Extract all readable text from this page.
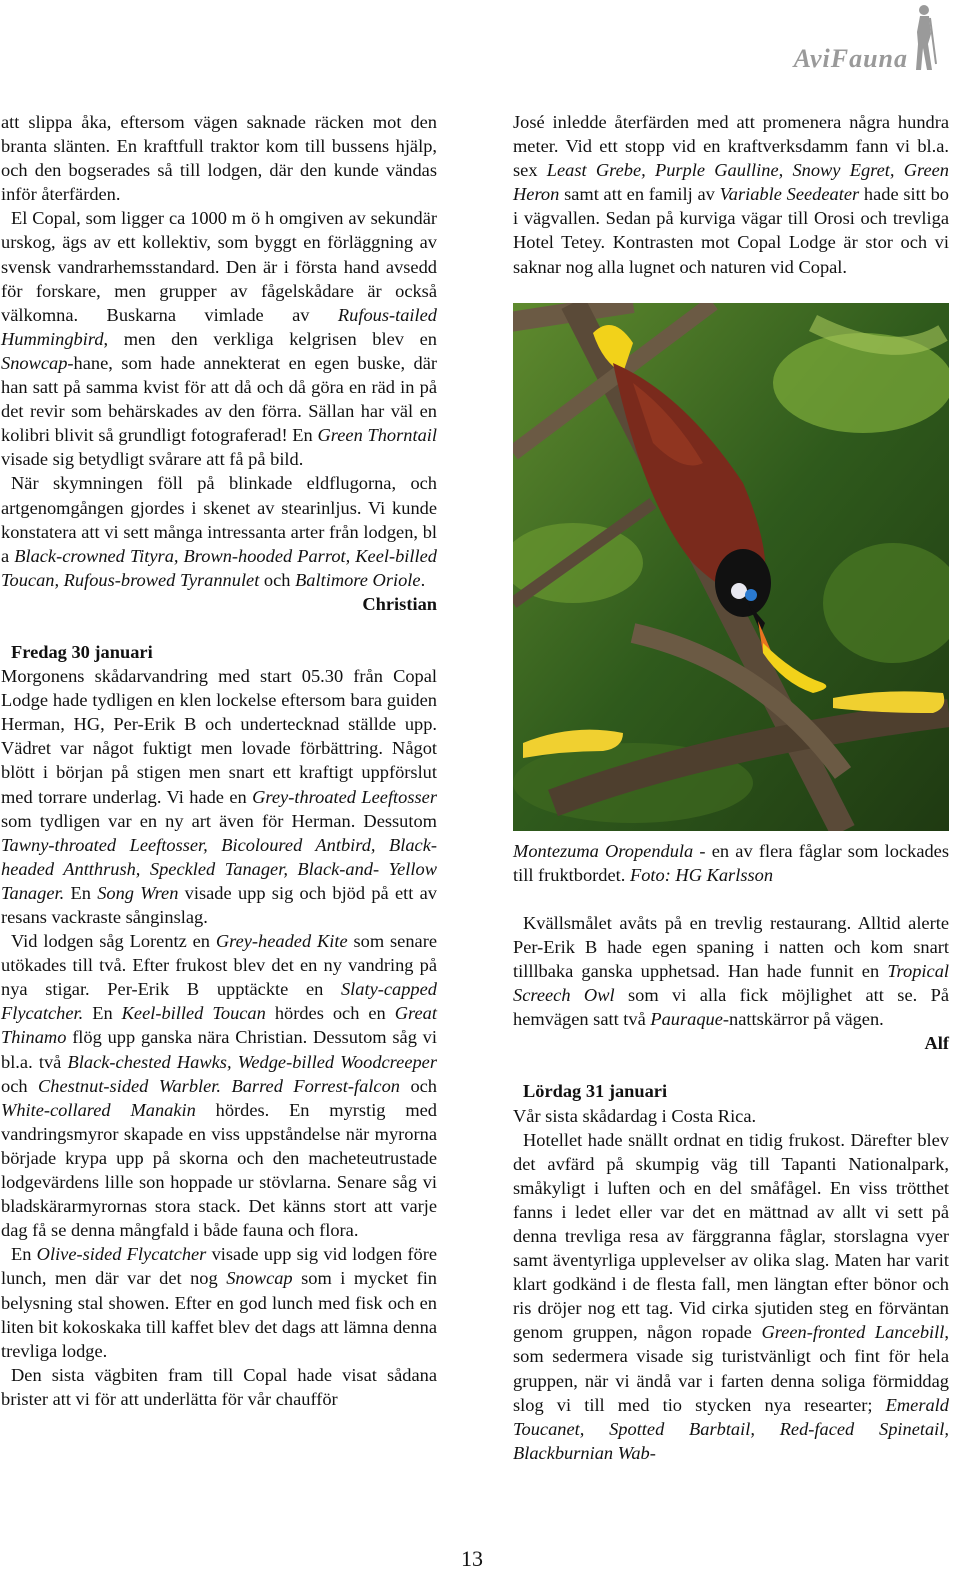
AviFauna

att slippa åka, eftersom vägen saknade räcken mot den branta slänten. En kraftfull traktor kom till bussens hjälp, och den bogserades så till lodgen, där den kunde vändas inför återfärden.

El Copal, som ligger ca 1000 m ö h omgiven av sekundär urskog, ägs av ett kollektiv, som byggt en förläggning av svensk vandrarhemsstandard. Den är i första hand avsedd för forskare, men grupper av fågelskådare är också välkomna. Buskarna vimlade av Rufous-tailed Hummingbird, men den verkliga kelgrisen blev en Snowcap-hane, som hade annekterat en egen buske, där han satt på samma kvist för att då och då göra en räd in på det revir som behärskades av den förra. Sällan har väl en kolibri blivit så grundligt fotograferad! En Green Thorntail visade sig betydligt svårare att få på bild.

När skymningen föll på blinkade eldflugorna, och artgenomgången gjordes i skenet av stearinljus. Vi kunde konstatera att vi sett många intressanta arter från lodgen, bl a Black-crowned Tityra, Brown-hooded Parrot, Keel-billed Toucan, Rufous-browed Tyrannulet och Baltimore Oriole.

Christian

Fredag 30 januari

Morgonens skådarvandring med start 05.30 från Copal Lodge hade tydligen en klen lockelse eftersom bara guiden Herman, HG, Per-Erik B och undertecknad ställde upp. Vädret var något fuktigt men lovade förbättring. Något blött i början på stigen men snart ett kraftigt uppförslut med torrare underlag. Vi hade en Grey-throated Leeftosser som tydligen var en ny art även för Herman. Dessutom Tawny-throated Leeftosser, Bicoloured Antbird, Black-headed Antthrush, Speckled Tanager, Black-and- Yellow Tanager. En Song Wren visade upp sig och bjöd på ett av resans vackraste sånginslag.

Vid lodgen såg Lorentz en Grey-headed Kite som senare utökades till två. Efter frukost blev det en ny vandring på nya stigar. Per-Erik B upptäckte en Slaty-capped Flycatcher. En Keel-billed Toucan hördes och en Great Thinamo flög upp ganska nära Christian. Dessutom såg vi bl.a. två Black-chested Hawks, Wedge-billed Woodcreeper och Chestnut-sided Warbler. Barred Forrest-falcon och White-collared Manakin hördes. En myrstig med vandringsmyror skapade en viss uppståndelse när myrorna började krypa upp på skorna och den macheteutrustade lodgevärdens lille son hoppade ur stövlarna. Senare såg vi bladskärarmyrornas stora stack. Det känns stort att varje dag få se denna mångfald i både fauna och flora.

En Olive-sided Flycatcher visade upp sig vid lodgen före lunch, men där var det nog Snowcap som i mycket fin belysning stal showen. Efter en god lunch med fisk och en liten bit kokoskaka till kaffet blev det dags att lämna denna trevliga lodge.

Den sista vägbiten fram till Copal hade visat sådana brister att vi för att underlätta för vår chaufför

José inledde återfärden med att promenera några hundra meter. Vid ett stopp vid en kraftverksdamm fann vi bl.a. sex Least Grebe, Purple Gaulline, Snowy Egret, Green Heron samt att en familj av Variable Seedeater hade sitt bo i vägvallen. Sedan på kurviga vägar till Orosi och trevliga Hotel Tetey. Kontrasten mot Copal Lodge är stor och vi saknar nog alla lugnet och naturen vid Copal.

Montezuma Oropendula - en av flera fåglar som lockades till fruktbordet. Foto: HG Karlsson

Kvällsmålet avåts på en trevlig restaurang. Alltid alerte Per-Erik B hade egen spaning i natten och kom snart tilllbaka ganska upphetsad. Han hade funnit en Tropical Screech Owl som vi alla fick möjlighet att se. På hemvägen satt två Pauraque-nattskärror på vägen.

Alf

Lördag 31 januari

Vår sista skådardag i Costa Rica.

Hotellet hade snällt ordnat en tidig frukost. Därefter blev det avfärd på skumpig väg till Tapanti Nationalpark, småkyligt i luften och en del småfågel. En viss trötthet fanns i ledet eller var det en mättnad av allt vi sett på denna trevliga resa av färggranna fåglar, storslagna vyer samt äventyrliga upplevelser av olika slag. Maten har varit klart godkänd i de flesta fall, men längtan efter bönor och ris dröjer nog ett tag. Vid cirka sjutiden steg en förväntan genom gruppen, någon ropade Green-fronted Lancebill, som sedermera visade sig turistvänligt och fint för hela gruppen, när vi ändå var i farten denna soliga förmiddag slog vi till med tio stycken nya researter; Emerald Toucanet, Spotted Barbtail, Red-faced Spinetail, Blackburnian Wab-

13
